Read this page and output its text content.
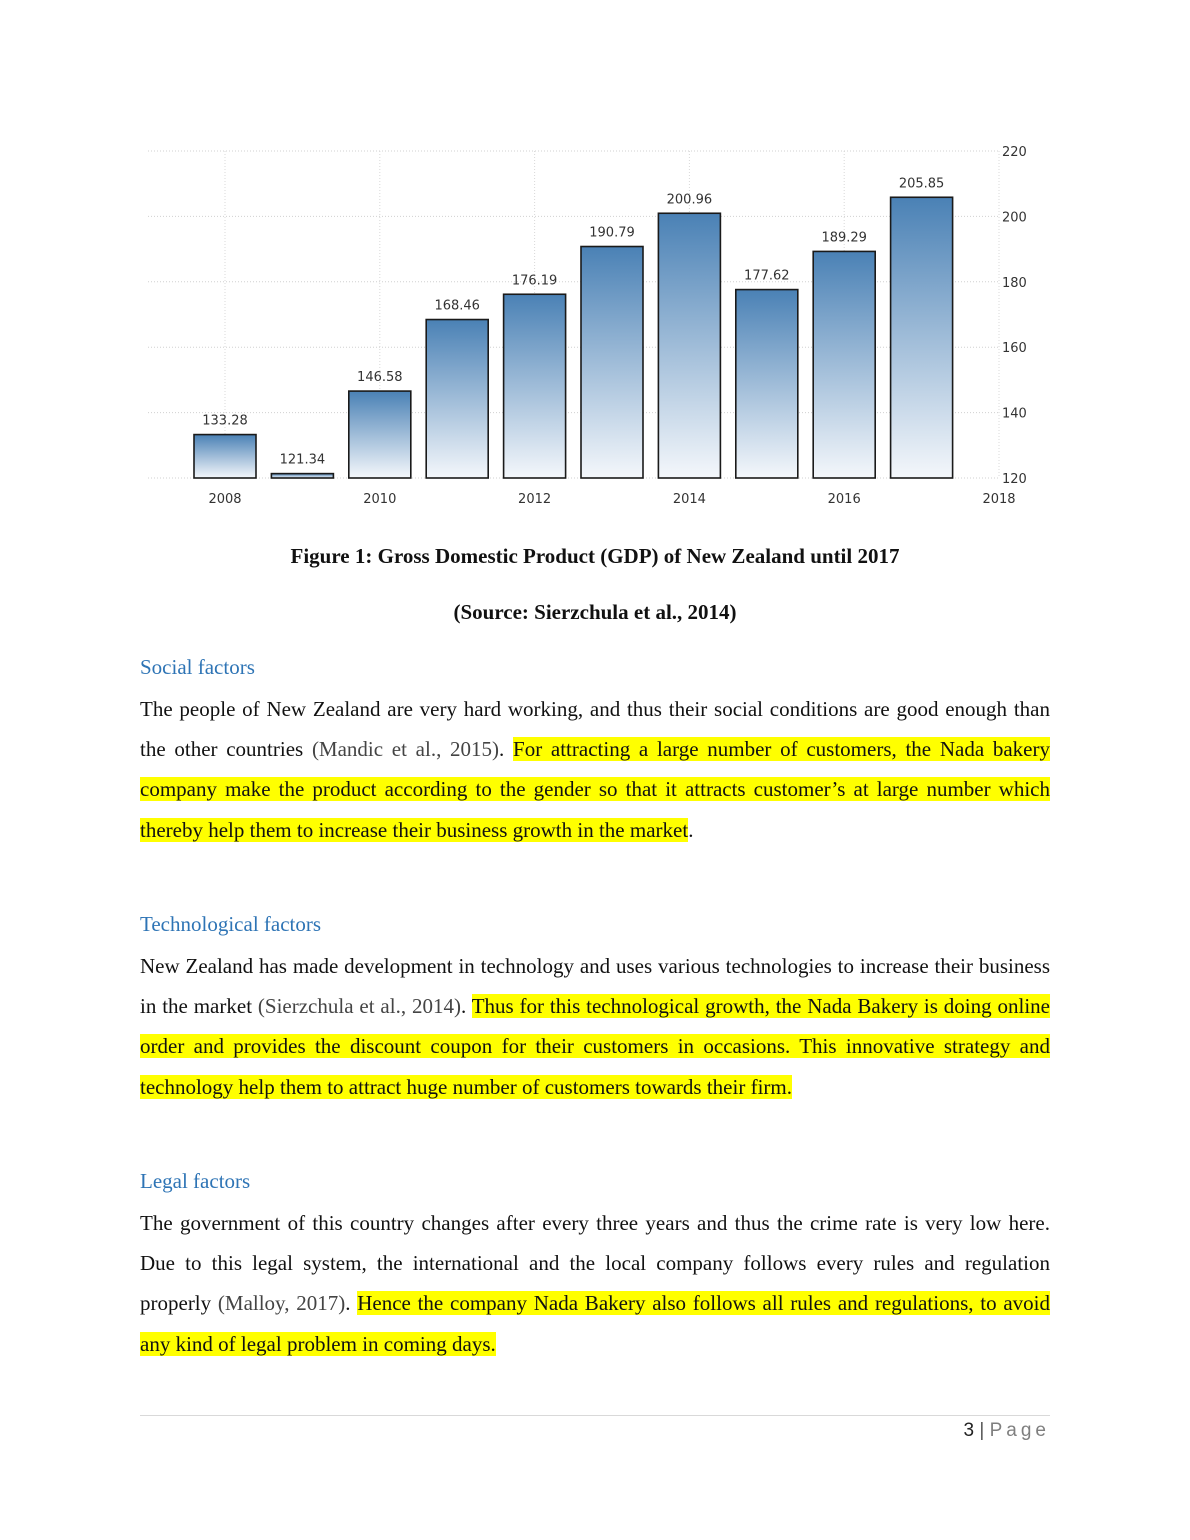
120
140
160
180
200
220
2008	2010	2012	2014	2016	2018
133.28
121.34
146.58
168.46
176.19
190.79
200.96
177.62
189.29
205.85
Figure 1: Gross Domestic Product (GDP) of New Zealand until 2017
(Source: Sierzchula et al., 2014)
Social factors
The people of New Zealand are very hard working, and thus their social conditions are good enough than the other countries (Mandic et al., 2015). For attracting a large number of customers, the Nada bakery company make the product according to the gender so that it attracts customer’s at large number which thereby help them to increase their business growth in the market.
Technological factors
New Zealand has made development in technology and uses various technologies to increase their business in the market (Sierzchula et al., 2014). Thus for this technological growth, the Nada Bakery is doing online order and provides the discount coupon for their customers in occasions. This innovative strategy and technology help them to attract huge number of customers towards their firm.
Legal factors
The government of this country changes after every three years and thus the crime rate is very low here. Due to this legal system, the international and the local company follows every rules and regulation properly (Malloy, 2017). Hence the company Nada Bakery also follows all rules and regulations, to avoid any kind of legal problem in coming days.
3 | Page
